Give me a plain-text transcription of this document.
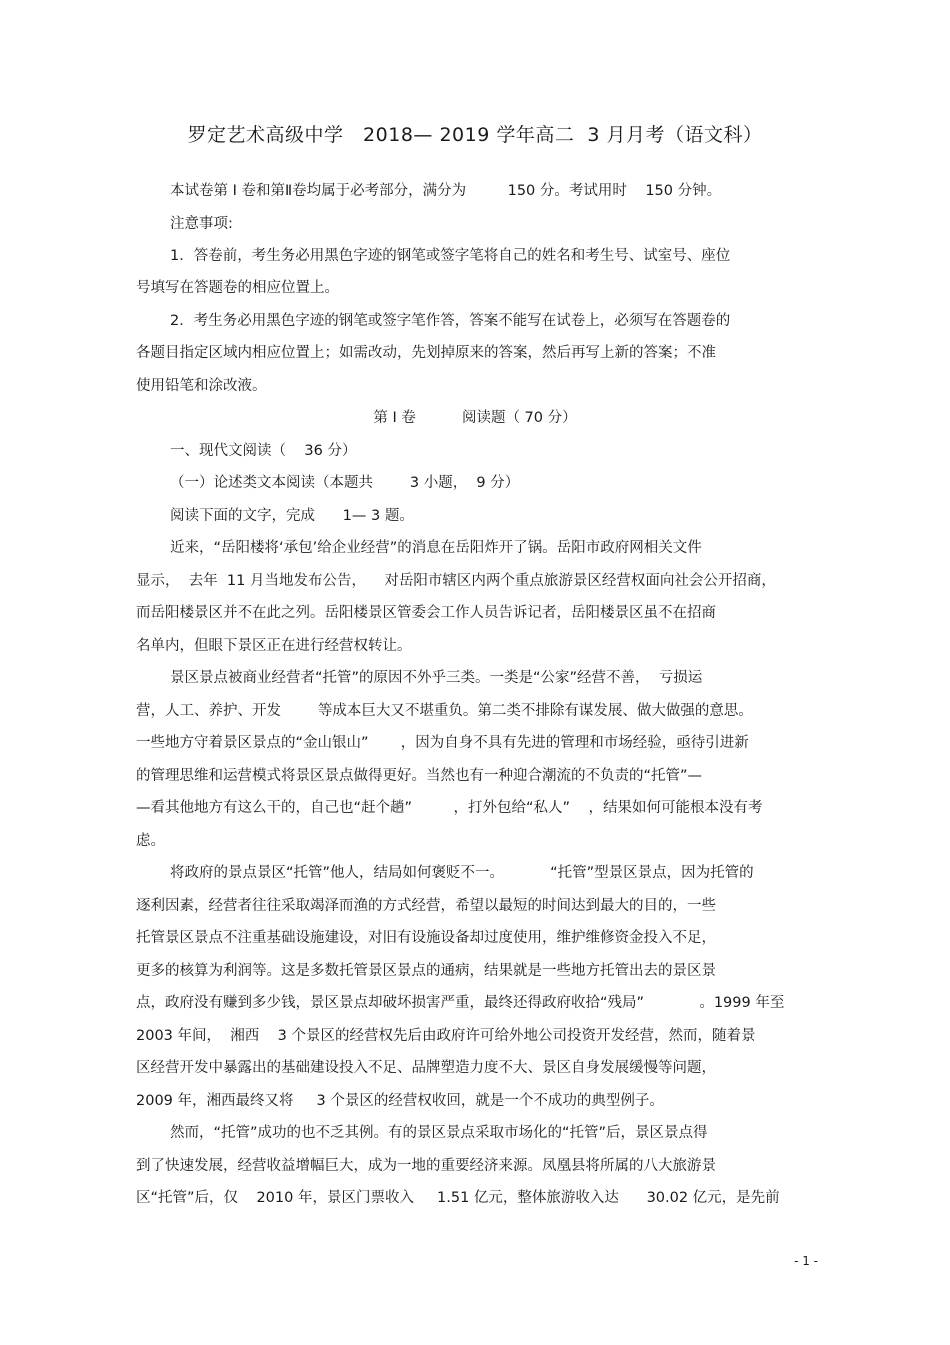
罗定艺术高级中学   2018— 2019 学年高二  3 月月考（语文科）
本试卷第 I 卷和第Ⅱ卷均属于必考部分，满分为         150 分。考试用时    150 分钟。
注意事项:
1．答卷前，考生务必用黑色字迹的钢笔或签字笔将自己的姓名和考生号、试室号、座位
号填写在答题卷的相应位置上。
2．考生务必用黑色字迹的钢笔或签字笔作答，答案不能写在试卷上，必须写在答题卷的
各题目指定区域内相应位置上；如需改动，先划掉原来的答案，然后再写上新的答案；不准
使用铅笔和涂改液。
第 I 卷          阅读题（ 70 分）
一、现代文阅读（    36 分）
（一）论述类文本阅读（本题共        3 小题，  9 分）
阅读下面的文字，完成      1— 3 题。
近来，“岳阳楼将‘承包’给企业经营”的消息在岳阳炸开了锅。岳阳市政府网相关文件
显示，  去年  11 月当地发布公告，    对岳阳市辖区内两个重点旅游景区经营权面向社会公开招商，
而岳阳楼景区并不在此之列。岳阳楼景区管委会工作人员告诉记者，岳阳楼景区虽不在招商
名单内，但眼下景区正在进行经营权转让。
景区景点被商业经营者“托管”的原因不外乎三类。一类是“公家”经营不善，  亏损运
营，人工、养护、开发        等成本巨大又不堪重负。第二类不排除有谋发展、做大做强的意思。
一些地方守着景区景点的“金山银山”       ，因为自身不具有先进的管理和市场经验，亟待引进新
的管理思维和运营模式将景区景点做得更好。当然也有一种迎合潮流的不负责的“托管”—
—看其他地方有这么干的，自己也“赶个趟”         ，打外包给“私人”    ，结果如何可能根本没有考
虑。
将政府的景点景区“托管”他人，结局如何褒贬不一。          “托管”型景区景点，因为托管的
逐利因素，经营者往往采取竭泽而渔的方式经营，希望以最短的时间达到最大的目的，一些
托管景区景点不注重基础设施建设，对旧有设施设备却过度使用，维护维修资金投入不足，
更多的核算为利润等。这是多数托管景区景点的通病，结果就是一些地方托管出去的景区景
点，政府没有赚到多少钱，景区景点却破坏损害严重，最终还得政府收拾“残局”            。1999 年至
2003 年间，  湘西    3 个景区的经营权先后由政府许可给外地公司投资开发经营，然而，随着景
区经营开发中暴露出的基础建设投入不足、品牌塑造力度不大、景区自身发展缓慢等问题，
2009 年，湘西最终又将     3 个景区的经营权收回，就是一个不成功的典型例子。
然而，“托管”成功的也不乏其例。有的景区景点采取市场化的“托管”后，景区景点得
到了快速发展，经营收益增幅巨大，成为一地的重要经济来源。凤凰县将所属的八大旅游景
区“托管”后，仅    2010 年，景区门票收入     1.51 亿元，整体旅游收入达      30.02 亿元，是先前
- 1 -
